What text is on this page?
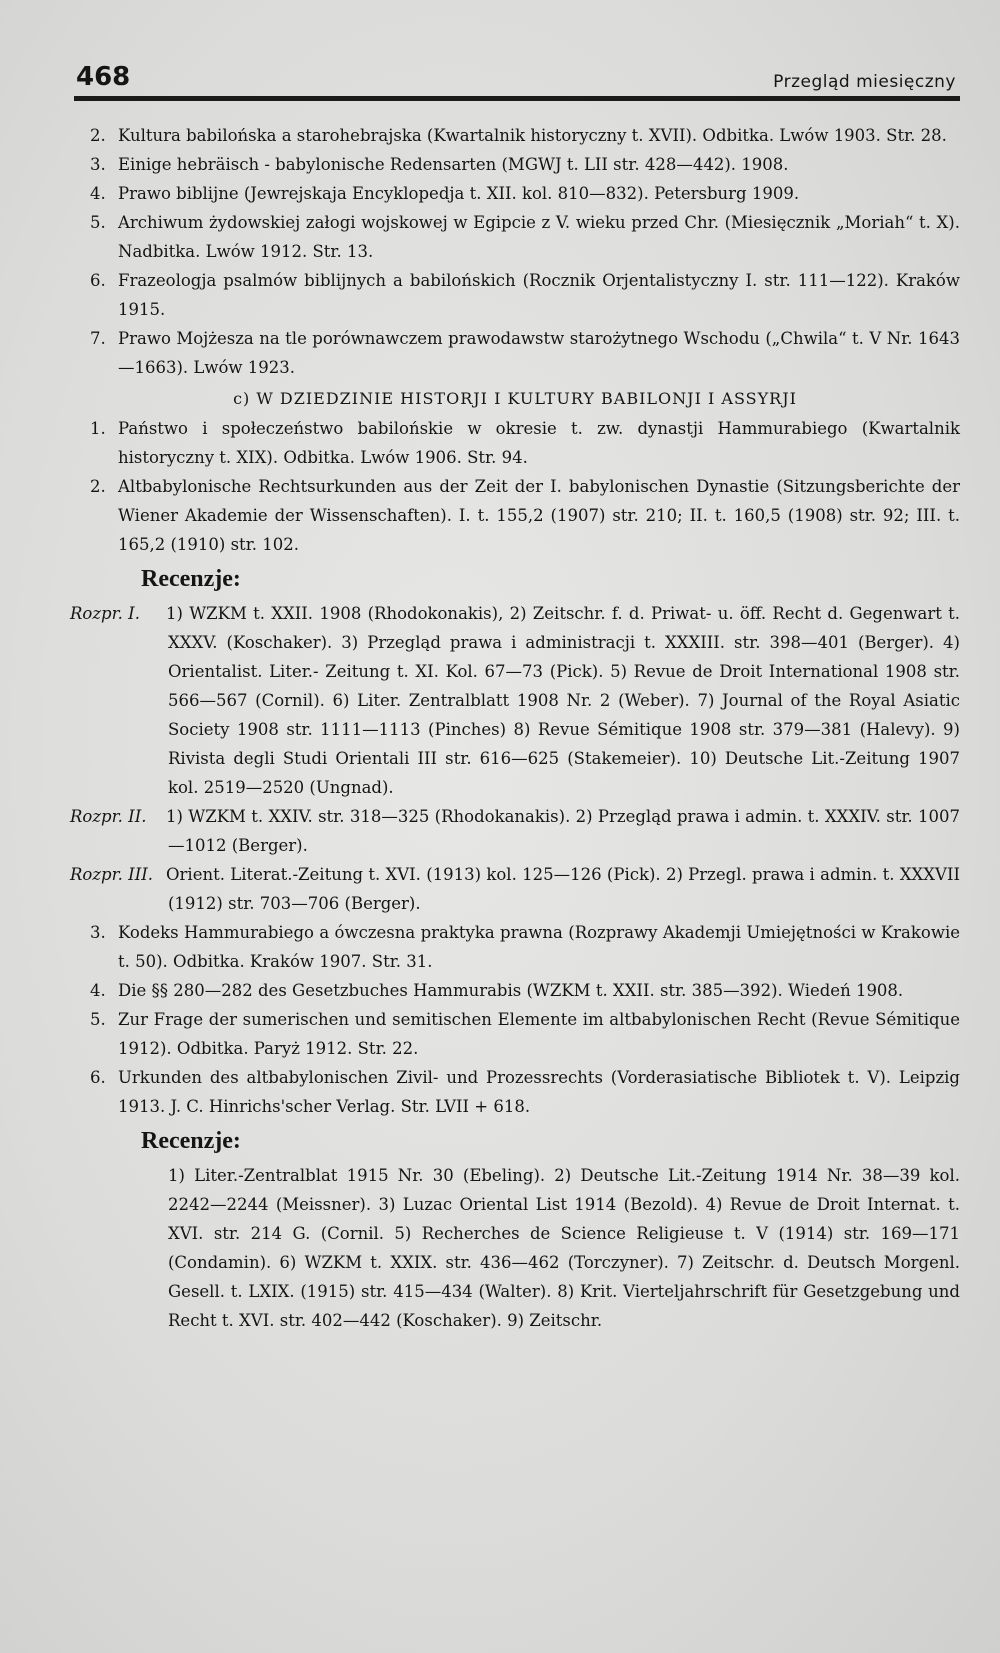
468	Przegląd miesięczny
2. Kultura babilońska a starohebrajska (Kwartalnik historyczny t. XVII). Odbitka. Lwów 1903. Str. 28.
3. Einige hebräisch - babylonische Redensarten (MGWJ t. LII str. 428—442). 1908.
4. Prawo biblijne (Jewrejskaja Encyklopedja t. XII. kol. 810—832). Petersburg 1909.
5. Archiwum żydowskiej załogi wojskowej w Egipcie z V. wieku przed Chr. (Miesięcznik „Moriah“ t. X). Nadbitka. Lwów 1912. Str. 13.
6. Frazeologja psalmów biblijnych a babilońskich (Rocznik Orjentalistyczny I. str. 111—122). Kraków 1915.
7. Prawo Mojżesza na tle porównawczem prawodawstw starożytnego Wschodu („Chwila“ t. V Nr. 1643—1663). Lwów 1923.
c) W DZIEDZINIE HISTORJI I KULTURY BABILONJI I ASSYRJI
1. Państwo i społeczeństwo babilońskie w okresie t. zw. dynastji Hammurabiego (Kwartalnik historyczny t. XIX). Odbitka. Lwów 1906. Str. 94.
2. Altbabylonische Rechtsurkunden aus der Zeit der I. babylonischen Dynastie (Sitzungsberichte der Wiener Akademie der Wissenschaften). I. t. 155,2 (1907) str. 210; II. t. 160,5 (1908) str. 92; III. t. 165,2 (1910) str. 102.
Recenzje:
Rozpr. I. 1) WZKM t. XXII. 1908 (Rhodokonakis), 2) Zeitschr. f. d. Priwat- u. öff. Recht d. Gegenwart t. XXXV. (Koschaker). 3) Przegląd prawa i administracji t. XXXIII. str. 398—401 (Berger). 4) Orientalist. Liter.- Zeitung t. XI. Kol. 67—73 (Pick). 5) Revue de Droit International 1908 str. 566—567 (Cornil). 6) Liter. Zentralblatt 1908 Nr. 2 (Weber). 7) Journal of the Royal Asiatic Society 1908 str. 1111—1113 (Pinches) 8) Revue Sémitique 1908 str. 379—381 (Halevy). 9) Rivista degli Studi Orientali III str. 616—625 (Stakemeier). 10) Deutsche Lit.-Zeitung 1907 kol. 2519—2520 (Ungnad).
Rozpr. II. 1) WZKM t. XXIV. str. 318—325 (Rhodokanakis). 2) Przegląd prawa i admin. t. XXXIV. str. 1007—1012 (Berger).
Rozpr. III. Orient. Literat.-Zeitung t. XVI. (1913) kol. 125—126 (Pick). 2) Przegl. prawa i admin. t. XXXVII (1912) str. 703—706 (Berger).
3. Kodeks Hammurabiego a ówczesna praktyka prawna (Rozprawy Akademji Umiejętności w Krakowie t. 50). Odbitka. Kraków 1907. Str. 31.
4. Die §§ 280—282 des Gesetzbuches Hammurabis (WZKM t. XXII. str. 385—392). Wiedeń 1908.
5. Zur Frage der sumerischen und semitischen Elemente im altbabylonischen Recht (Revue Sémitique 1912). Odbitka. Paryż 1912. Str. 22.
6. Urkunden des altbabylonischen Zivil- und Prozessrechts (Vorderasiatische Bibliotek t. V). Leipzig 1913. J. C. Hinrichs'scher Verlag. Str. LVII + 618.
Recenzje:
1) Liter.-Zentralblat 1915 Nr. 30 (Ebeling). 2) Deutsche Lit.-Zeitung 1914 Nr. 38—39 kol. 2242—2244 (Meissner). 3) Luzac Oriental List 1914 (Bezold). 4) Revue de Droit Internat. t. XVI. str. 214 G. (Cornil. 5) Recherches de Science Religieuse t. V (1914) str. 169—171 (Condamin). 6) WZKM t. XXIX. str. 436—462 (Torczyner). 7) Zeitschr. d. Deutsch Morgenl. Gesell. t. LXIX. (1915) str. 415—434 (Walter). 8) Krit. Vierteljahrschrift für Gesetzgebung und Recht t. XVI. str. 402—442 (Koschaker). 9) Zeitschr.
